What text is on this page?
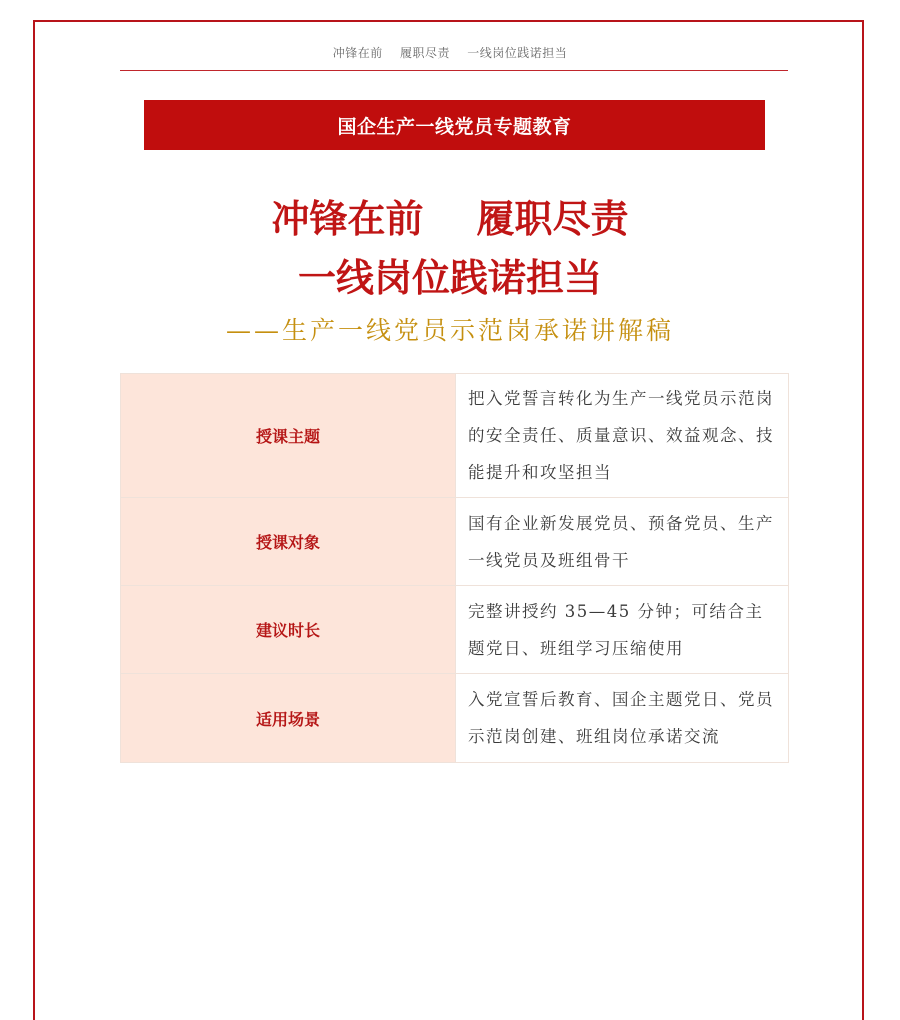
冲锋在前    履职尽责    一线岗位践诺担当
国企生产一线党员专题教育
冲锋在前    履职尽责
一线岗位践诺担当
——生产一线党员示范岗承诺讲解稿
授课主题	把入党誓言转化为生产一线党员示范岗的安全责任、质量意识、效益观念、技能提升和攻坚担当
授课对象	国有企业新发展党员、预备党员、生产一线党员及班组骨干
建议时长	完整讲授约 35—45 分钟；可结合主题党日、班组学习压缩使用
适用场景	入党宣誓后教育、国企主题党日、党员示范岗创建、班组岗位承诺交流
